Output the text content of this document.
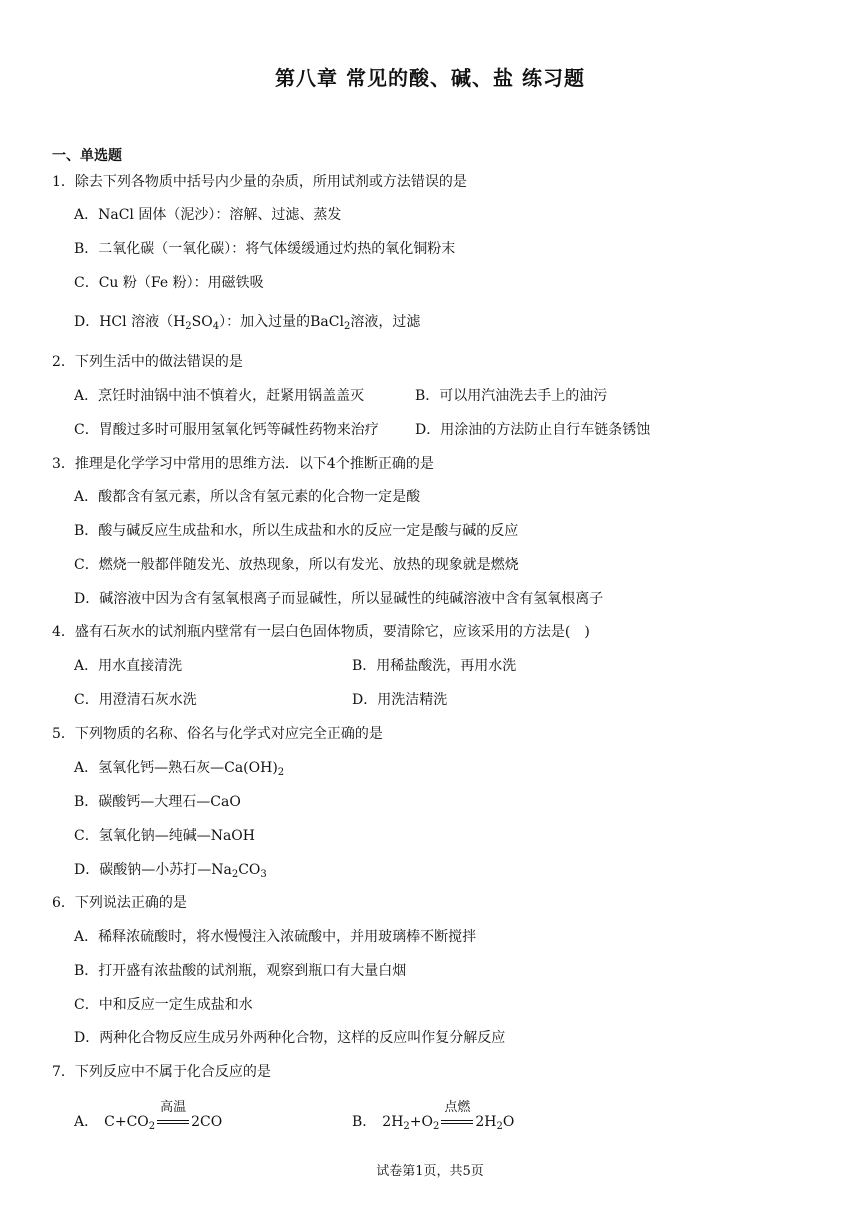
第八章 常见的酸、碱、盐 练习题
一、单选题
1．除去下列各物质中括号内少量的杂质，所用试剂或方法错误的是
A．NaCl 固体（泥沙）：溶解、过滤、蒸发
B．二氧化碳（一氧化碳）：将气体缓缓通过灼热的氧化铜粉末
C．Cu 粉（Fe 粉）：用磁铁吸
D．HCl 溶液$(H_2SO_4)$：加入过量的BaCl$_2$溶液，过滤
2．下列生活中的做法错误的是
A．烹饪时油锅中油不慎着火，赶紧用锅盖盖灭	B．可以用汽油洗去手上的油污
C．胃酸过多时可服用氢氧化钙等碱性药物来治疗	D．用涂油的方法防止自行车链条锈蚀
3．推理是化学学习中常用的思维方法．以下4个推断正确的是
A．酸都含有氢元素，所以含有氢元素的化合物一定是酸
B．酸与碱反应生成盐和水，所以生成盐和水的反应一定是酸与碱的反应
C．燃烧一般都伴随发光、放热现象，所以有发光、放热的现象就是燃烧
D．碱溶液中因为含有氢氧根离子而显碱性，所以显碱性的纯碱溶液中含有氢氧根离子
4．盛有石灰水的试剂瓶内壁常有一层白色固体物质，要清除它，应该采用的方法是(　)
A．用水直接清洗	B．用稀盐酸洗，再用水洗
C．用澄清石灰水洗	D．用洗洁精洗
5．下列物质的名称、俗名与化学式对应完全正确的是
A．氢氧化钙—熟石灰$—Ca(OH)_2$
B．碳酸钙—大理石—CaO
C．氢氧化钠—纯碱—NaOH
D．碳酸钠—小苏打$—Na_2CO_3$
6．下列说法正确的是
A．稀释浓硫酸时，将水慢慢注入浓硫酸中，并用玻璃棒不断搅拌
B．打开盛有浓盐酸的试剂瓶，观察到瓶口有大量白烟
C．中和反应一定生成盐和水
D．两种化合物反应生成另外两种化合物，这样的反应叫作复分解反应
7．下列反应中不属于化合反应的是
A． $C+CO_2$
高温
2CO	B． $2H_2+O_2$
点燃
$2H_2O$
试卷第1页，共5页
